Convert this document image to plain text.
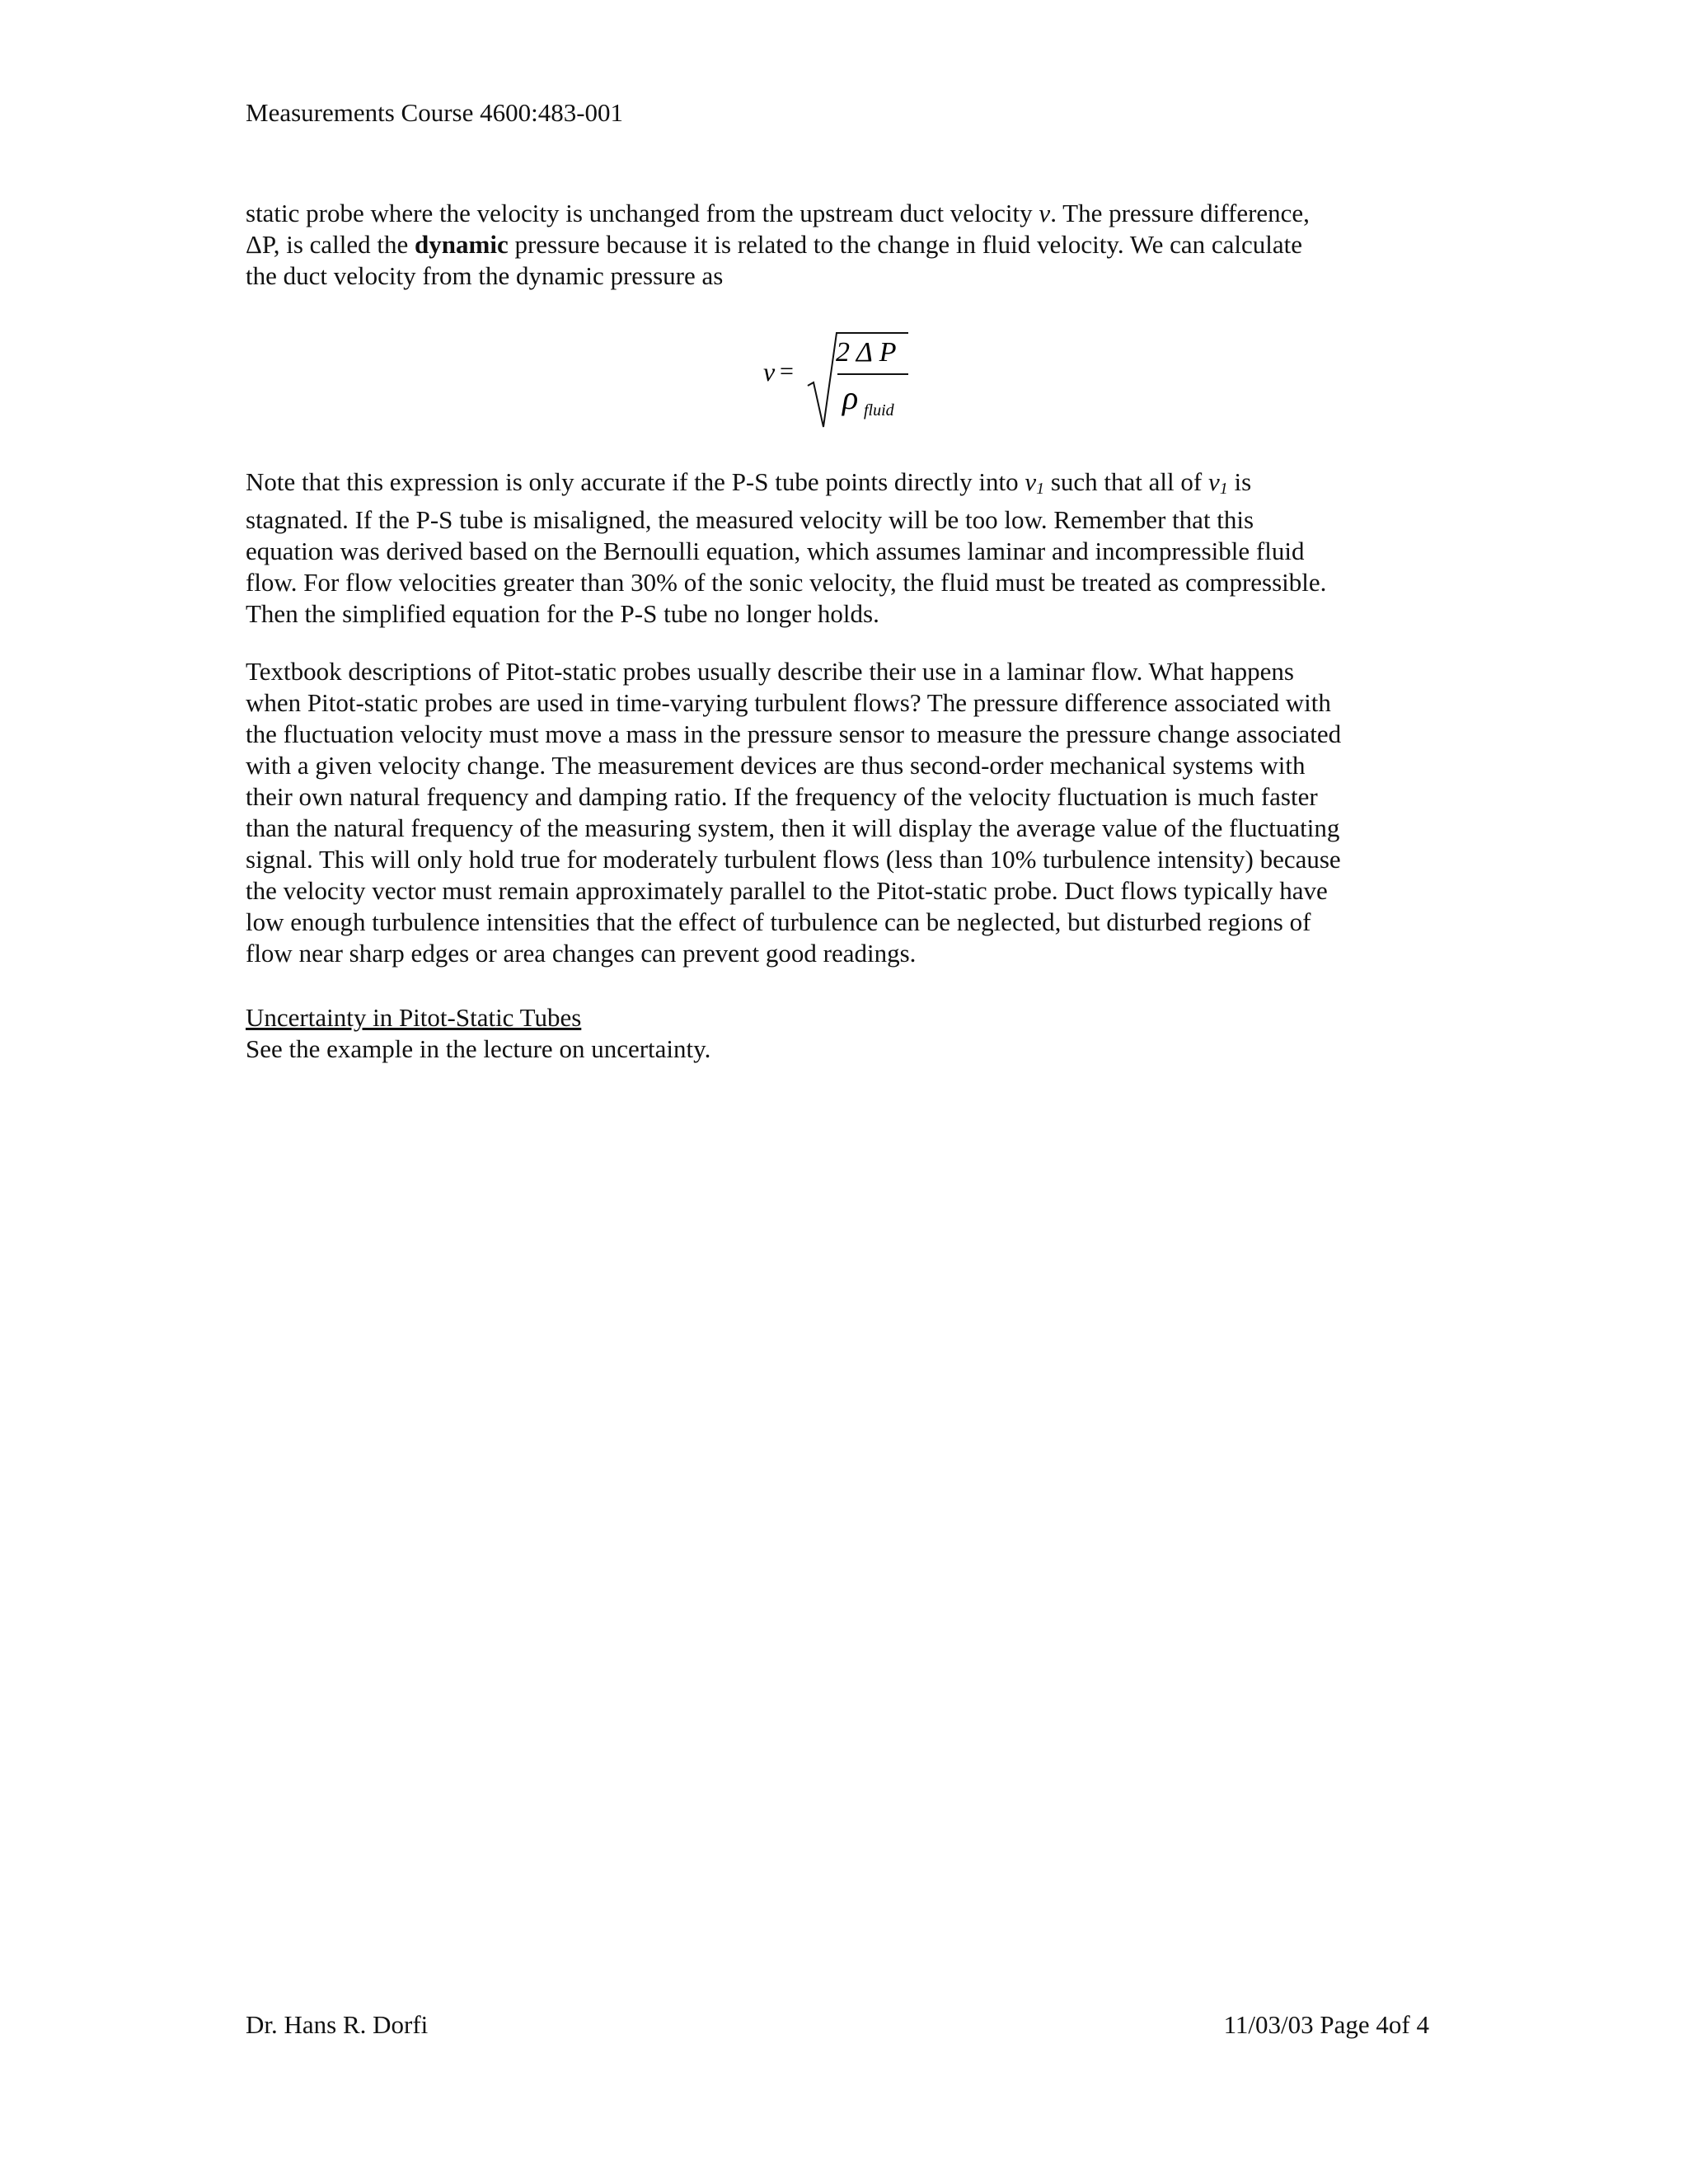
Measurements Course 4600:483-001
static probe where the velocity is unchanged from the upstream duct velocity v. The pressure difference,
ΔP, is called the dynamic pressure because it is related to the change in fluid velocity. We can calculate
the duct velocity from the dynamic pressure as
v =
2 Δ P
ρ fluid
Note that this expression is only accurate if the P-S tube points directly into $v_1$ such that all of $v_1$ is
stagnated. If the P-S tube is misaligned, the measured velocity will be too low. Remember that this
equation was derived based on the Bernoulli equation, which assumes laminar and incompressible fluid
flow. For flow velocities greater than 30% of the sonic velocity, the fluid must be treated as compressible.
Then the simplified equation for the P-S tube no longer holds.
Textbook descriptions of Pitot-static probes usually describe their use in a laminar flow. What happens
when Pitot-static probes are used in time-varying turbulent flows? The pressure difference associated with
the fluctuation velocity must move a mass in the pressure sensor to measure the pressure change associated
with a given velocity change. The measurement devices are thus second-order mechanical systems with
their own natural frequency and damping ratio. If the frequency of the velocity fluctuation is much faster
than the natural frequency of the measuring system, then it will display the average value of the fluctuating
signal. This will only hold true for moderately turbulent flows (less than 10% turbulence intensity) because
the velocity vector must remain approximately parallel to the Pitot-static probe. Duct flows typically have
low enough turbulence intensities that the effect of turbulence can be neglected, but disturbed regions of
flow near sharp edges or area changes can prevent good readings.
Uncertainty in Pitot-Static Tubes
See the example in the lecture on uncertainty.
Dr. Hans R. Dorfi	11/03/03 Page 4of 4
